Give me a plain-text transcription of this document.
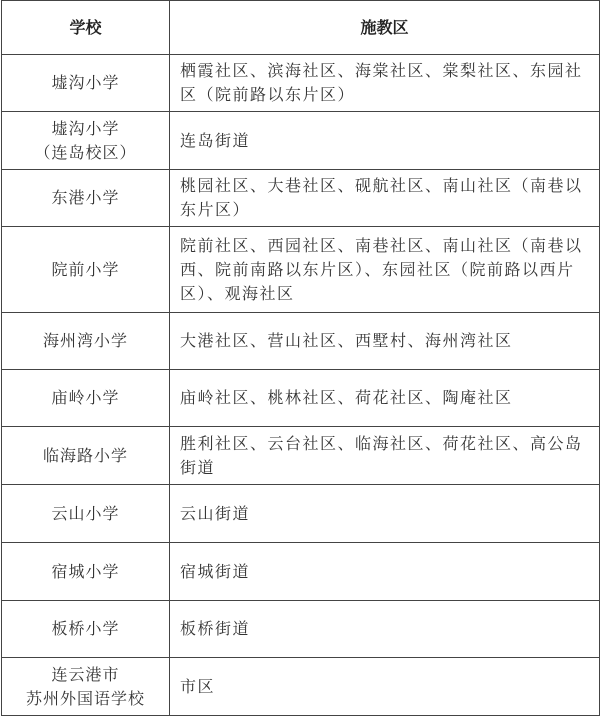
学校	施教区

墟沟小学	栖霞社区、滨海社区、海棠社区、棠梨社区、东园社区（院前路以东片区）

墟沟小学
（连岛校区）	连岛街道

东港小学	桃园社区、大巷社区、砚航社区、南山社区（南巷以东片区）

院前小学	院前社区、西园社区、南巷社区、南山社区（南巷以西、院前南路以东片区）、东园社区（院前路以西片区）、观海社区

海州湾小学	大港社区、营山社区、西墅村、海州湾社区

庙岭小学	庙岭社区、桃林社区、荷花社区、陶庵社区

临海路小学	胜利社区、云台社区、临海社区、荷花社区、高公岛街道

云山小学	云山街道

宿城小学	宿城街道

板桥小学	板桥街道

连云港市
苏州外国语学校	市区
